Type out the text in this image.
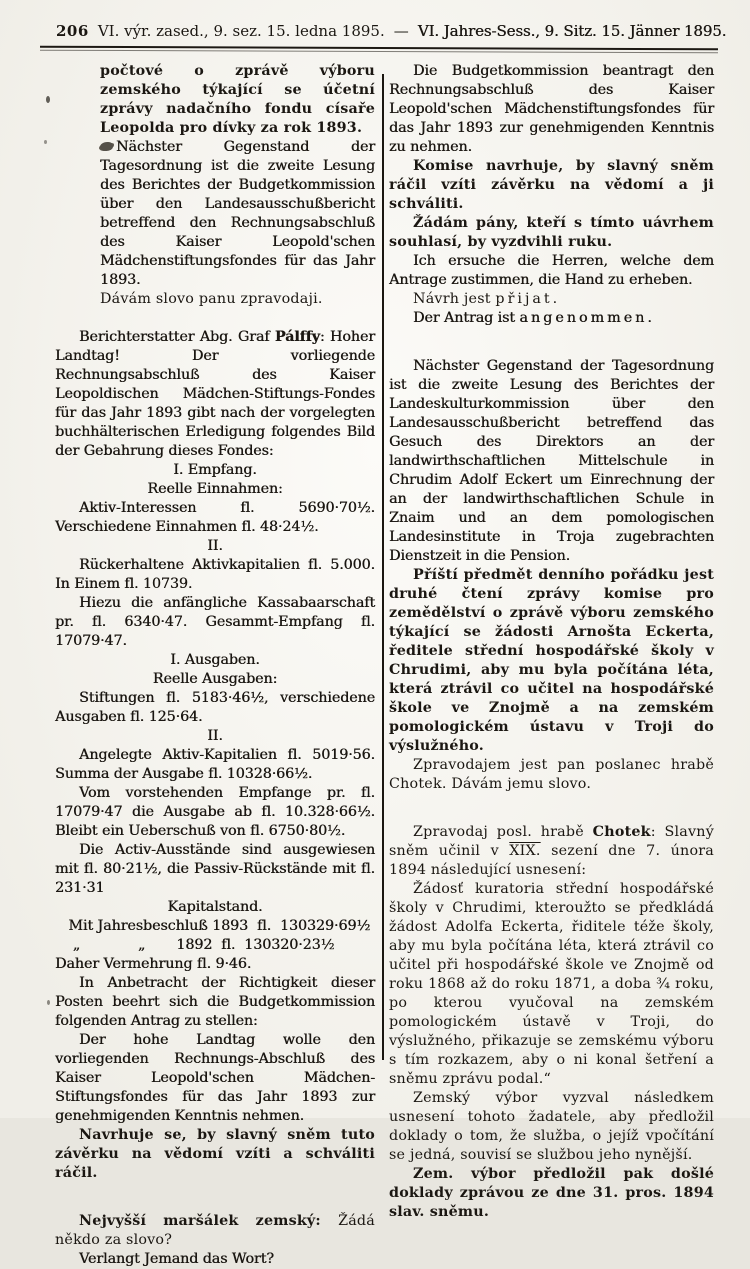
206 VI. výr. zased., 9. sez. 15. ledna 1895. — VI. Jahres-Sess., 9. Sitz. 15. Jänner 1895.

počtové o zprávě výboru zemského týkající se účetní zprávy nadačního fondu císaře Leopolda pro dívky za rok 1893.

Nächster Gegenstand der Tagesordnung ist die zweite Lesung des Berichtes der Budgetkommission über den Landesausschußbericht betreffend den Rechnungsabschluß des Kaiser Leopold'schen Mädchenstiftungsfondes für das Jahr 1893.

Dávám slovo panu zpravodaji.

Berichterstatter Abg. Graf Pálffy: Hoher Landtag! Der vorliegende Rechnungsabschluß des Kaiser Leopoldischen Mädchen-Stiftungs-Fondes für das Jahr 1893 gibt nach der vorgelegten buchhälterischen Erledigung folgendes Bild der Gebahrung dieses Fondes:

I. Empfang.

Reelle Einnahmen:

Aktiv-Interessen fl. 5690·70½. Verschiedene Einnahmen fl. 48·24½.

II.

Rückerhaltene Aktivkapitalien fl. 5.000. In Einem fl. 10739.

Hiezu die anfängliche Kassabaarschaft pr. fl. 6340·47. Gesammt-Empfang fl. 17079·47.

I. Ausgaben.

Reelle Ausgaben:

Stiftungen fl. 5183·46½, verschiedene Ausgaben fl. 125·64.

II.

Angelegte Aktiv-Kapitalien fl. 5019·56. Summa der Ausgabe fl. 10328·66½.

Vom vorstehenden Empfange pr. fl. 17079·47 die Ausgabe ab fl. 10.328·66½. Bleibt ein Ueberschuß von fl. 6750·80½.

Die Activ-Ausstände sind ausgewiesen mit fl. 80·21½, die Passiv-Rückstände mit fl. 231·31

Kapitalstand.

Mit Jahresbeschluß 1893  fl.  130329·69½

„             „       1892  fl.  130320·23½

Daher Vermehrung fl. 9·46.

In Anbetracht der Richtigkeit dieser Posten beehrt sich die Budgetkommission folgenden Antrag zu stellen:

Der hohe Landtag wolle den vorliegenden Rechnungs-Abschluß des Kaiser Leopold'schen Mädchen-Stiftungsfondes für das Jahr 1893 zur genehmigenden Kenntnis nehmen.

Navrhuje se, by slavný sněm tuto závěrku na vědomí vzíti a schváliti ráčil.

Nejvyšší maršálek zemský: Žádá někdo za slovo?

Verlangt Jemand das Wort?

Die Budgetkommission beantragt den Rechnungsabschluß des Kaiser Leopold'schen Mädchenstiftungsfondes für das Jahr 1893 zur genehmigenden Kenntnis zu nehmen.

Komise navrhuje, by slavný sněm ráčil vzíti závěrku na vědomí a ji schváliti.

Žádám pány, kteří s tímto uávrhem souhlasí, by vyzdvihli ruku.

Ich ersuche die Herren, welche dem Antrage zustimmen, die Hand zu erheben.

Návrh jest přijat.

Der Antrag ist angenommen.

Nächster Gegenstand der Tagesordnung ist die zweite Lesung des Berichtes der Landeskulturkommission über den Landesausschußbericht betreffend das Gesuch des Direktors an der landwirthschaftlichen Mittelschule in Chrudim Adolf Eckert um Einrechnung der an der landwirthschaftlichen Schule in Znaim und an dem pomologischen Landesinstitute in Troja zugebrachten Dienstzeit in die Pension.

Příští předmět denního pořádku jest druhé čtení zprávy komise pro zemědělství o zprávě výboru zemského týkající se žádosti Arnošta Eckerta, ředitele střední hospodářské školy v Chrudimi, aby mu byla počítána léta, která ztrávil co učitel na hospodářské škole ve Znojmě a na zemském pomologickém ústavu v Troji do výslužného.

Zpravodajem jest pan poslanec hrabě Chotek. Dávám jemu slovo.

Zpravodaj posl. hrabě Chotek: Slavný sněm učinil v XIX. sezení dne 7. února 1894 následující usnesení:

Žádosť kuratoria střední hospodářské školy v Chrudimi, kteroužto se předkládá žádost Adolfa Eckerta, řiditele téže školy, aby mu byla počítána léta, která ztrávil co učitel při hospodářské škole ve Znojmě od roku 1868 až do roku 1871, a doba ¾ roku, po kterou vyučoval na zemském pomologickém ústavě v Troji, do výslužného, přikazuje se zemskému výboru s tím rozkazem, aby o ni konal šetření a sněmu zprávu podal.“

Zemský výbor vyzval následkem usnesení tohoto žadatele, aby předložil doklady o tom, že služba, o jejíž vpočítání se jedná, souvisí se službou jeho nynější.

Zem. výbor předložil pak došlé doklady zprávou ze dne 31. pros. 1894 slav. sněmu.
